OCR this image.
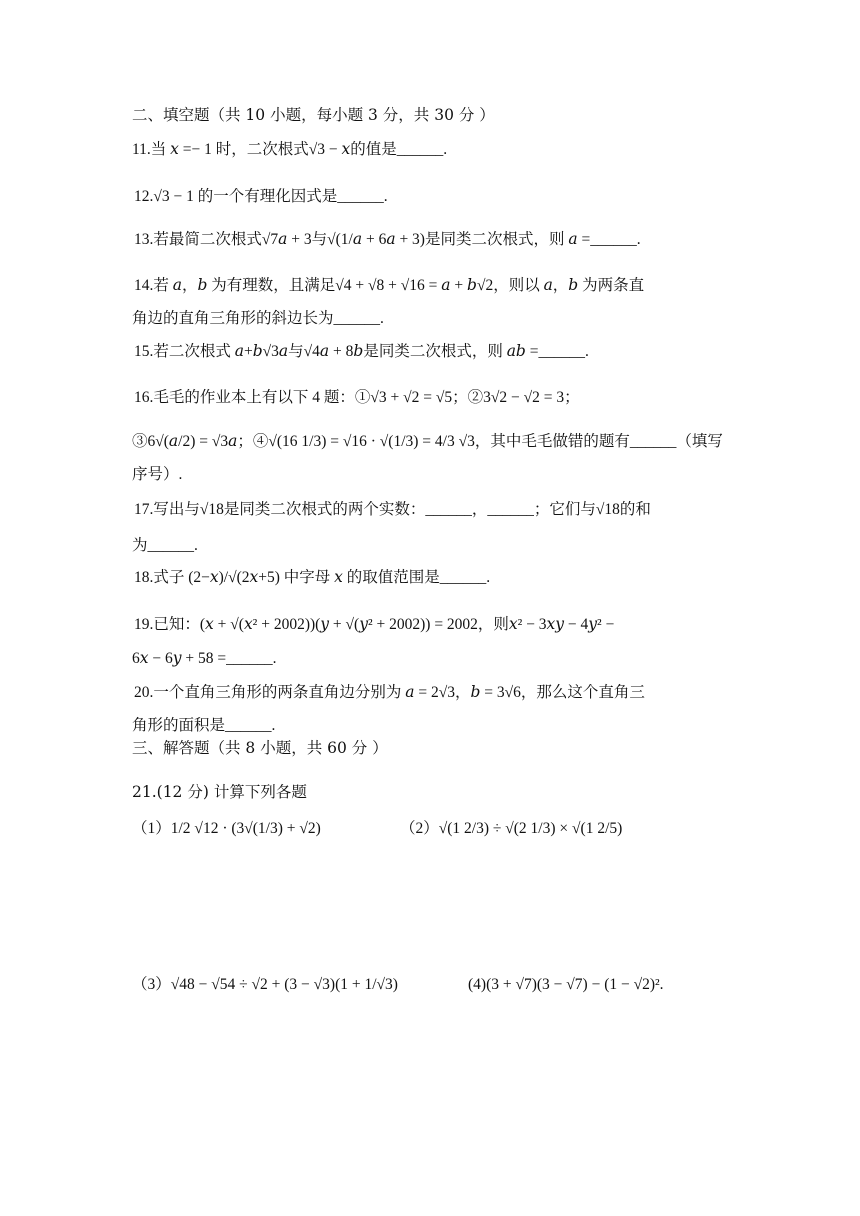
二、填空题（共 10 小题，每小题 3 分，共 30 分 ）
11.当 𝑥 =− 1 时，二次根式√3 − 𝑥的值是______.
12.√3 − 1 的一个有理化因式是______.
13.若最简二次根式√7𝑎 + 3与√(1/𝑎 + 6𝑎 + 3)是同类二次根式，则 𝑎 =______.
14.若 𝑎，𝑏 为有理数，且满足√4 + √8 + √16 = 𝑎 + 𝑏√2，则以 𝑎，𝑏 为两条直
角边的直角三角形的斜边长为______.
15.若二次根式 𝑎+𝑏√3𝑎与√4𝑎 + 8𝑏是同类二次根式，则 𝑎𝑏 =______.
16.毛毛的作业本上有以下 4 题：①√3 + √2 = √5；②3√2 − √2 = 3；
③6√(𝑎/2) = √3𝑎；④√(16 1/3) = √16 · √(1/3) = 4/3 √3，其中毛毛做错的题有______（填写
序号）.
17.写出与√18是同类二次根式的两个实数：______，______；它们与√18的和
为______.
18.式子 (2−𝑥)/√(2𝑥+5) 中字母 𝑥 的取值范围是______.
19.已知：(𝑥 + √(𝑥² + 2002))(𝑦 + √(𝑦² + 2002)) = 2002，则𝑥² − 3𝑥𝑦 − 4𝑦² −
6𝑥 − 6𝑦 + 58 =______.
20.一个直角三角形的两条直角边分别为 𝑎 = 2√3，𝑏 = 3√6，那么这个直角三
角形的面积是______.
三、解答题（共 8 小题，共 60 分 ）
21.(12 分) 计算下列各题
（1）1/2 √12 · (3√(1/3) + √2)	（2）√(1 2/3) ÷ √(2 1/3) × √(1 2/5)
（3）√48 − √54 ÷ √2 + (3 − √3)(1 + 1/√3)	(4)(3 + √7)(3 − √7) − (1 − √2)².
